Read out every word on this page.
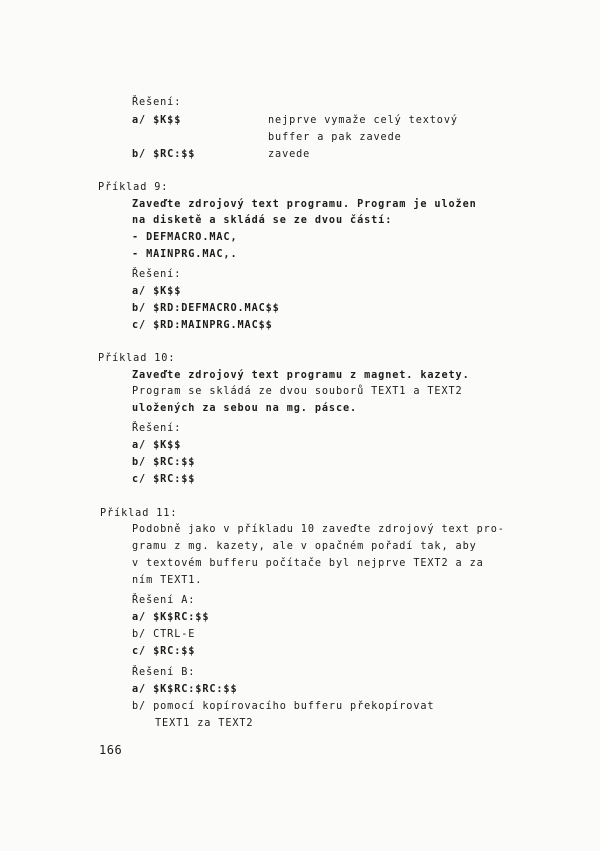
Řešení:
a/ $K$$	nejprve vymaže celý textový
buffer a pak zavede
b/ $RC:$$	zavede
Příklad 9:
Zaveďte zdrojový text programu. Program je uložen
na disketě a skládá se ze dvou částí:
- DEFMACRO.MAC,
- MAINPRG.MAC,.
Řešení:
a/ $K$$
b/ $RD:DEFMACRO.MAC$$
c/ $RD:MAINPRG.MAC$$
Příklad 10:
Zaveďte zdrojový text programu z magnet. kazety.
Program se skládá ze dvou souborů TEXT1 a TEXT2
uložených za sebou na mg. pásce.
Řešení:
a/ $K$$
b/ $RC:$$
c/ $RC:$$
Příklad 11:
Podobně jako v příkladu 10 zaveďte zdrojový text pro-
gramu z mg. kazety, ale v opačném pořadí tak, aby
v textovém bufferu počítače byl nejprve TEXT2 a za
ním TEXT1.
Řešení A:
a/ $K$RC:$$
b/ CTRL-E
c/ $RC:$$
Řešení B:
a/ $K$RC:$RC:$$
b/ pomocí kopírovacího bufferu překopírovat
TEXT1 za TEXT2
166
